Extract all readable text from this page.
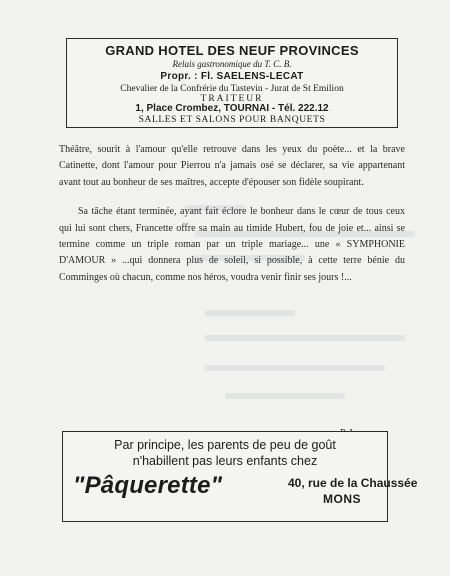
GRAND HOTEL DES NEUF PROVINCES
Relais gastronomique du T. C. B.
Propr. : Fl. SAELENS-LECAT
Chevalier de la Confrérie du Tastevin - Jurat de St Emilion
TRAITEUR
1, Place Crombez, TOURNAI - Tél. 222.12
SALLES ET SALONS POUR BANQUETS

Théâtre, sourit à l'amour qu'elle retrouve dans les yeux du poète... et la brave Catinette, dont l'amour pour Pierrou n'a jamais osé se déclarer, sa vie appartenant avant tout au bonheur de ses maîtres, accepte d'épouser son fidèle soupirant.

Sa tâche étant terminée, ayant fait éclore le bonheur dans le cœur de tous ceux qui lui sont chers, Francette offre sa main au timide Hubert, fou de joie et... ainsi se termine comme un triple roman par un triple mariage... une « SYMPHONIE D'AMOUR » ...qui donnera plus de soleil, si possible, à cette terre bénie du Comminges où chacun, comme nos héros, voudra venir finir ses jours !...

Par principe, les parents de peu de goût
n'habillent pas leurs enfants chez
"Pâquerette"	40, rue de la Chaussée
MONS
